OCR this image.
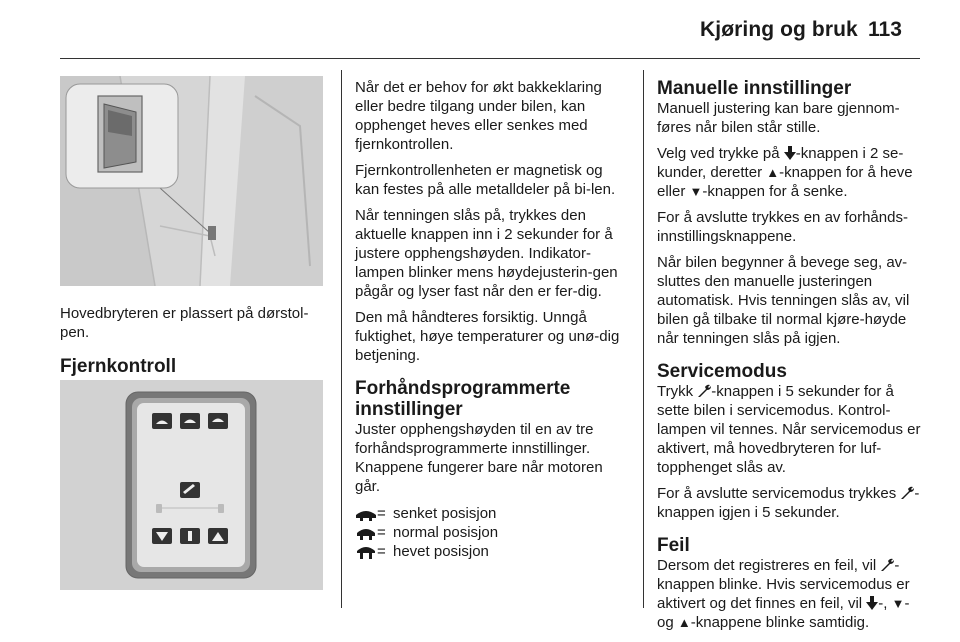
Kjøring og bruk 113

Hovedbryteren er plassert på dørstol-pen.

Fjernkontroll

Når det er behov for økt bakkeklaring eller bedre tilgang under bilen, kan opphenget heves eller senkes med fjernkontrollen.

Fjernkontrollenheten er magnetisk og kan festes på alle metalldeler på bi-len.

Når tenningen slås på, trykkes den aktuelle knappen inn i 2 sekunder for å justere opphengshøyden. Indikator-lampen blinker mens høydejusterin-gen pågår og lyser fast når den er fer-dig.

Den må håndteres forsiktig. Unngå fuktighet, høye temperaturer og unø-dig betjening.

Forhåndsprogrammerte innstillinger

Juster opphengshøyden til en av tre forhåndsprogrammerte innstillinger. Knappene fungerer bare når motoren går.

= senket posisjon
= normal posisjon
= hevet posisjon
Manuelle innstillinger

Manuell justering kan bare gjennom-føres når bilen står stille.

Velg ved trykke på -knappen i 2 se-kunder, deretter ▲-knappen for å heve eller ▼-knappen for å senke.

For å avslutte trykkes en av forhånds-innstillingsknappene.

Når bilen begynner å bevege seg, av-sluttes den manuelle justeringen automatisk. Hvis tenningen slås av, vil bilen gå tilbake til normal kjøre-høyde når tenningen slås på igjen.

Servicemodus

Trykk -knappen i 5 sekunder for å sette bilen i servicemodus. Kontrol-lampen vil tennes. Når servicemodus er aktivert, må hovedbryteren for luf-topphenget slås av.

For å avslutte servicemodus trykkes -knappen igjen i 5 sekunder.

Feil

Dersom det registreres en feil, vil -knappen blinke. Hvis servicemodus er aktivert og det finnes en feil, vil -, ▼- og ▲-knappene blinke samtidig.
